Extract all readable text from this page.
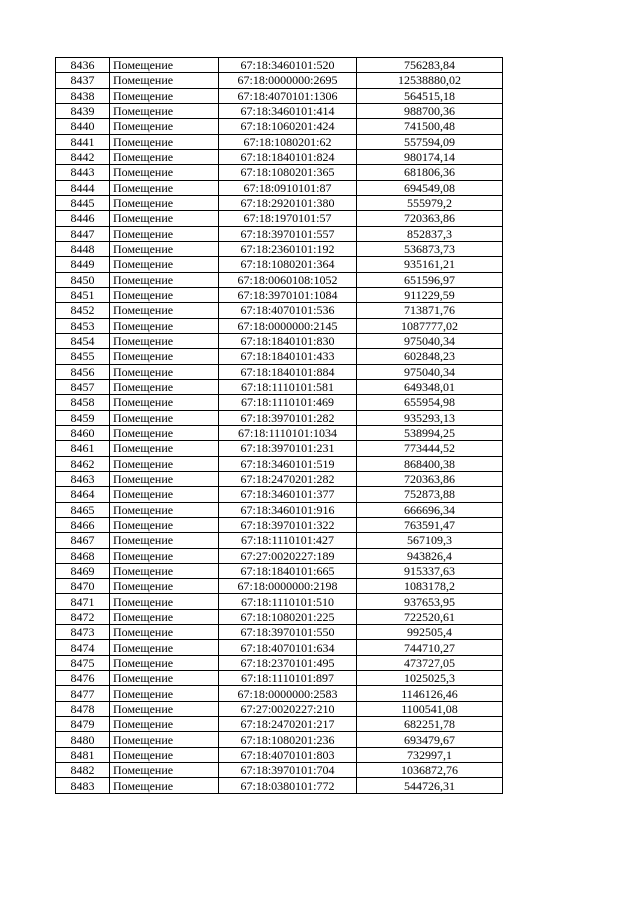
8436	Помещение	67:18:3460101:520	756283,84
8437	Помещение	67:18:0000000:2695	12538880,02
8438	Помещение	67:18:4070101:1306	564515,18
8439	Помещение	67:18:3460101:414	988700,36
8440	Помещение	67:18:1060201:424	741500,48
8441	Помещение	67:18:1080201:62	557594,09
8442	Помещение	67:18:1840101:824	980174,14
8443	Помещение	67:18:1080201:365	681806,36
8444	Помещение	67:18:0910101:87	694549,08
8445	Помещение	67:18:2920101:380	555979,2
8446	Помещение	67:18:1970101:57	720363,86
8447	Помещение	67:18:3970101:557	852837,3
8448	Помещение	67:18:2360101:192	536873,73
8449	Помещение	67:18:1080201:364	935161,21
8450	Помещение	67:18:0060108:1052	651596,97
8451	Помещение	67:18:3970101:1084	911229,59
8452	Помещение	67:18:4070101:536	713871,76
8453	Помещение	67:18:0000000:2145	1087777,02
8454	Помещение	67:18:1840101:830	975040,34
8455	Помещение	67:18:1840101:433	602848,23
8456	Помещение	67:18:1840101:884	975040,34
8457	Помещение	67:18:1110101:581	649348,01
8458	Помещение	67:18:1110101:469	655954,98
8459	Помещение	67:18:3970101:282	935293,13
8460	Помещение	67:18:1110101:1034	538994,25
8461	Помещение	67:18:3970101:231	773444,52
8462	Помещение	67:18:3460101:519	868400,38
8463	Помещение	67:18:2470201:282	720363,86
8464	Помещение	67:18:3460101:377	752873,88
8465	Помещение	67:18:3460101:916	666696,34
8466	Помещение	67:18:3970101:322	763591,47
8467	Помещение	67:18:1110101:427	567109,3
8468	Помещение	67:27:0020227:189	943826,4
8469	Помещение	67:18:1840101:665	915337,63
8470	Помещение	67:18:0000000:2198	1083178,2
8471	Помещение	67:18:1110101:510	937653,95
8472	Помещение	67:18:1080201:225	722520,61
8473	Помещение	67:18:3970101:550	992505,4
8474	Помещение	67:18:4070101:634	744710,27
8475	Помещение	67:18:2370101:495	473727,05
8476	Помещение	67:18:1110101:897	1025025,3
8477	Помещение	67:18:0000000:2583	1146126,46
8478	Помещение	67:27:0020227:210	1100541,08
8479	Помещение	67:18:2470201:217	682251,78
8480	Помещение	67:18:1080201:236	693479,67
8481	Помещение	67:18:4070101:803	732997,1
8482	Помещение	67:18:3970101:704	1036872,76
8483	Помещение	67:18:0380101:772	544726,31
